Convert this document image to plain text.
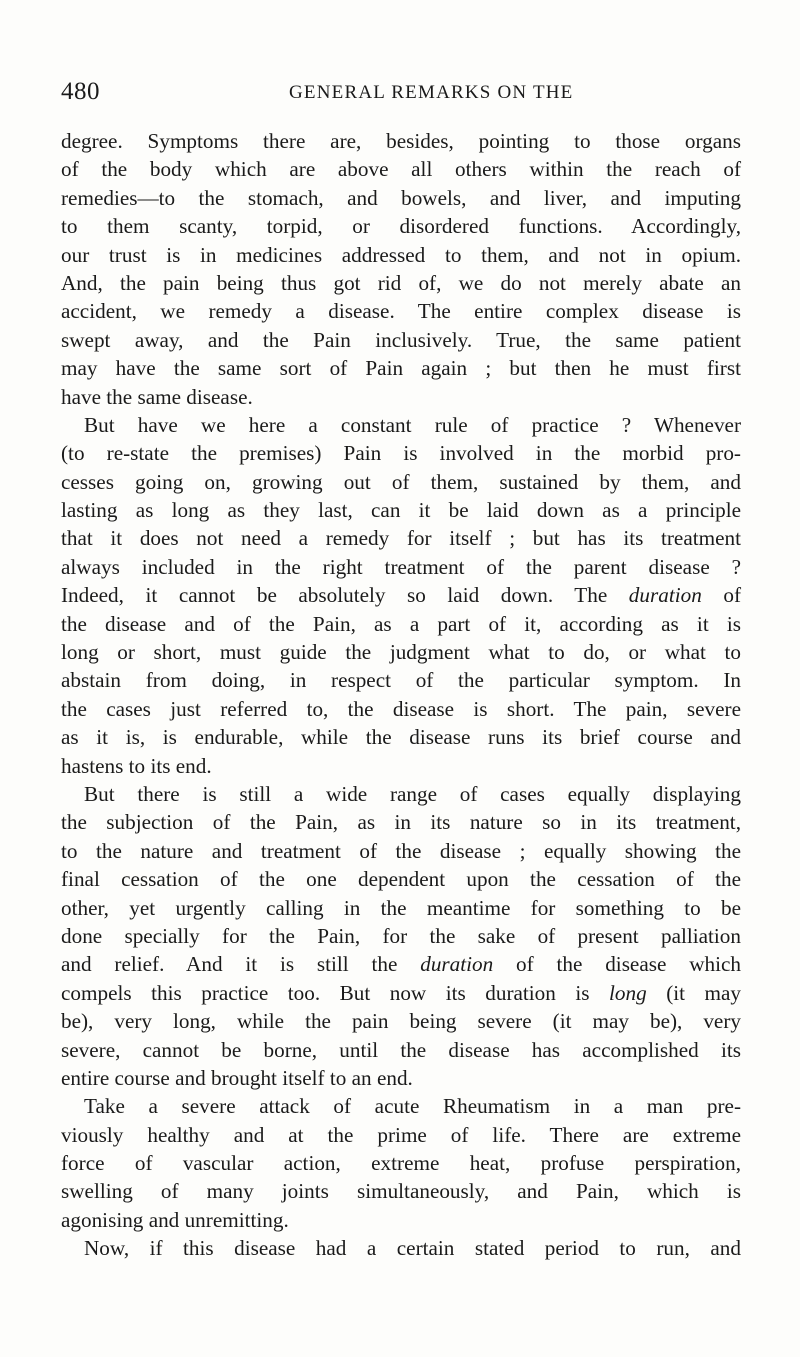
480	GENERAL REMARKS ON THE
degree. Symptoms there are, besides, pointing to those organs
of the body which are above all others within the reach of
remedies—to the stomach, and bowels, and liver, and imputing
to them scanty, torpid, or disordered functions. Accordingly,
our trust is in medicines addressed to them, and not in opium.
And, the pain being thus got rid of, we do not merely abate an
accident, we remedy a disease. The entire complex disease is
swept away, and the Pain inclusively. True, the same patient
may have the same sort of Pain again ; but then he must first
have the same disease.
But have we here a constant rule of practice ? Whenever
(to re-state the premises) Pain is involved in the morbid pro-
cesses going on, growing out of them, sustained by them, and
lasting as long as they last, can it be laid down as a principle
that it does not need a remedy for itself ; but has its treatment
always included in the right treatment of the parent disease ?
Indeed, it cannot be absolutely so laid down. The duration of
the disease and of the Pain, as a part of it, according as it is
long or short, must guide the judgment what to do, or what to
abstain from doing, in respect of the particular symptom. In
the cases just referred to, the disease is short. The pain, severe
as it is, is endurable, while the disease runs its brief course and
hastens to its end.
But there is still a wide range of cases equally displaying
the subjection of the Pain, as in its nature so in its treatment,
to the nature and treatment of the disease ; equally showing the
final cessation of the one dependent upon the cessation of the
other, yet urgently calling in the meantime for something to be
done specially for the Pain, for the sake of present palliation
and relief. And it is still the duration of the disease which
compels this practice too. But now its duration is long (it may
be), very long, while the pain being severe (it may be), very
severe, cannot be borne, until the disease has accomplished its
entire course and brought itself to an end.
Take a severe attack of acute Rheumatism in a man pre-
viously healthy and at the prime of life. There are extreme
force of vascular action, extreme heat, profuse perspiration,
swelling of many joints simultaneously, and Pain, which is
agonising and unremitting.
Now, if this disease had a certain stated period to run, and
